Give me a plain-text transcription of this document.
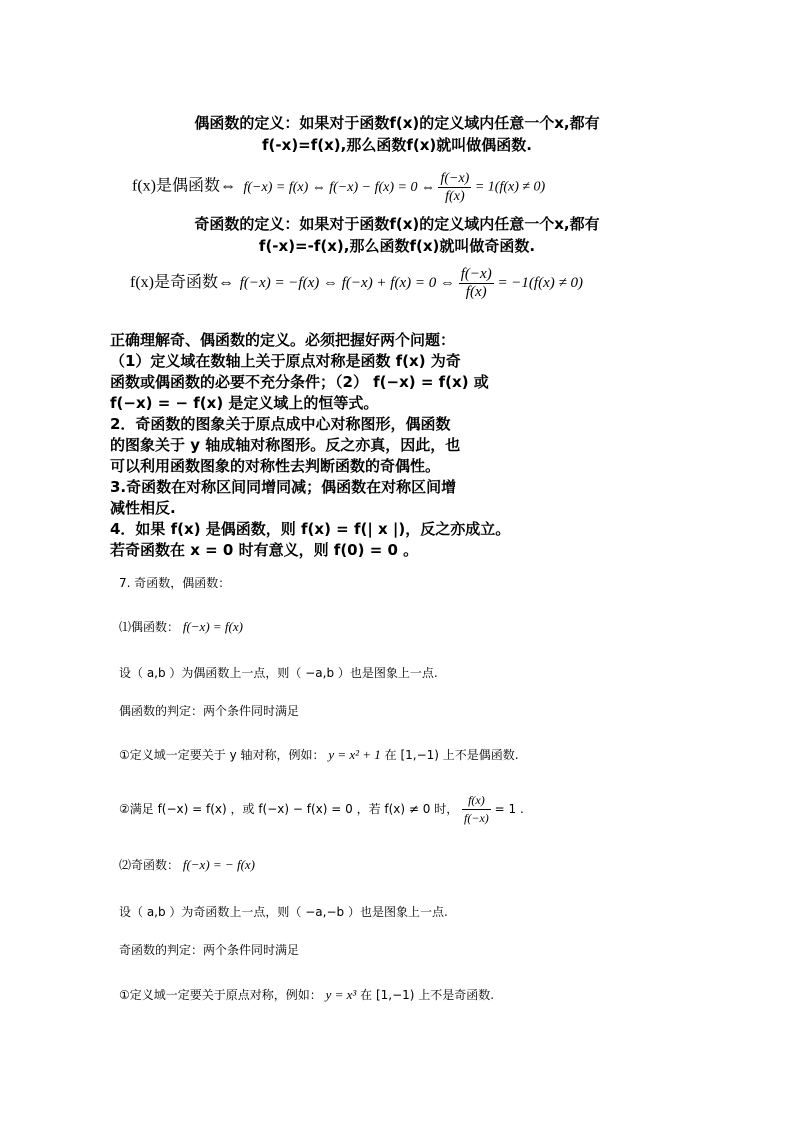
偶函数的定义：如果对于函数f(x)的定义域内任意一个x,都有
f(-x)=f(x),那么函数f(x)就叫做偶函数.
f(x)是偶函数⇔ f(−x) = f(x) ⇔ f(−x) − f(x) = 0 ⇔ $\frac{f(-x)}{f(x)} = 1(f(x) \ne 0)$
奇函数的定义：如果对于函数f(x)的定义域内任意一个x,都有
f(-x)=-f(x),那么函数f(x)就叫做奇函数.
f(x)是奇函数⇔ f(−x) = −f(x) ⇔ f(−x) + f(x) = 0 ⇔ $\frac{f(-x)}{f(x)} = -1(f(x) \ne 0)$
正确理解奇、偶函数的定义。必须把握好两个问题：
（1）定义域在数轴上关于原点对称是函数 f(x) 为奇
函数或偶函数的必要不充分条件；（2） f(−x) = f(x) 或
f(−x) = − f(x) 是定义域上的恒等式。
2．奇函数的图象关于原点成中心对称图形，偶函数
的图象关于 y 轴成轴对称图形。反之亦真，因此，也
可以利用函数图象的对称性去判断函数的奇偶性。
3.奇函数在对称区间同增同减；偶函数在对称区间增
减性相反.
4．如果 f(x) 是偶函数，则 f(x) = f(| x |)，反之亦成立。
若奇函数在 x = 0 时有意义，则 f(0) = 0 。
7. 奇函数，偶函数：
⑴偶函数： f(−x) = f(x)
设（ a,b ）为偶函数上一点，则（ −a,b ）也是图象上一点.
偶函数的判定：两个条件同时满足
①定义域一定要关于 y 轴对称，例如： y = x² + 1 在 [1,−1) 上不是偶函数.
②满足 f(−x) = f(x) ，或 f(−x) − f(x) = 0 ，若 f(x) ≠ 0 时， $\frac{f(x)}{f(-x)} = 1$ .
⑵奇函数： f(−x) = − f(x)
设（ a,b ）为奇函数上一点，则（ −a,−b ）也是图象上一点.
奇函数的判定：两个条件同时满足
①定义域一定要关于原点对称，例如： y = x³ 在 [1,−1) 上不是奇函数.
